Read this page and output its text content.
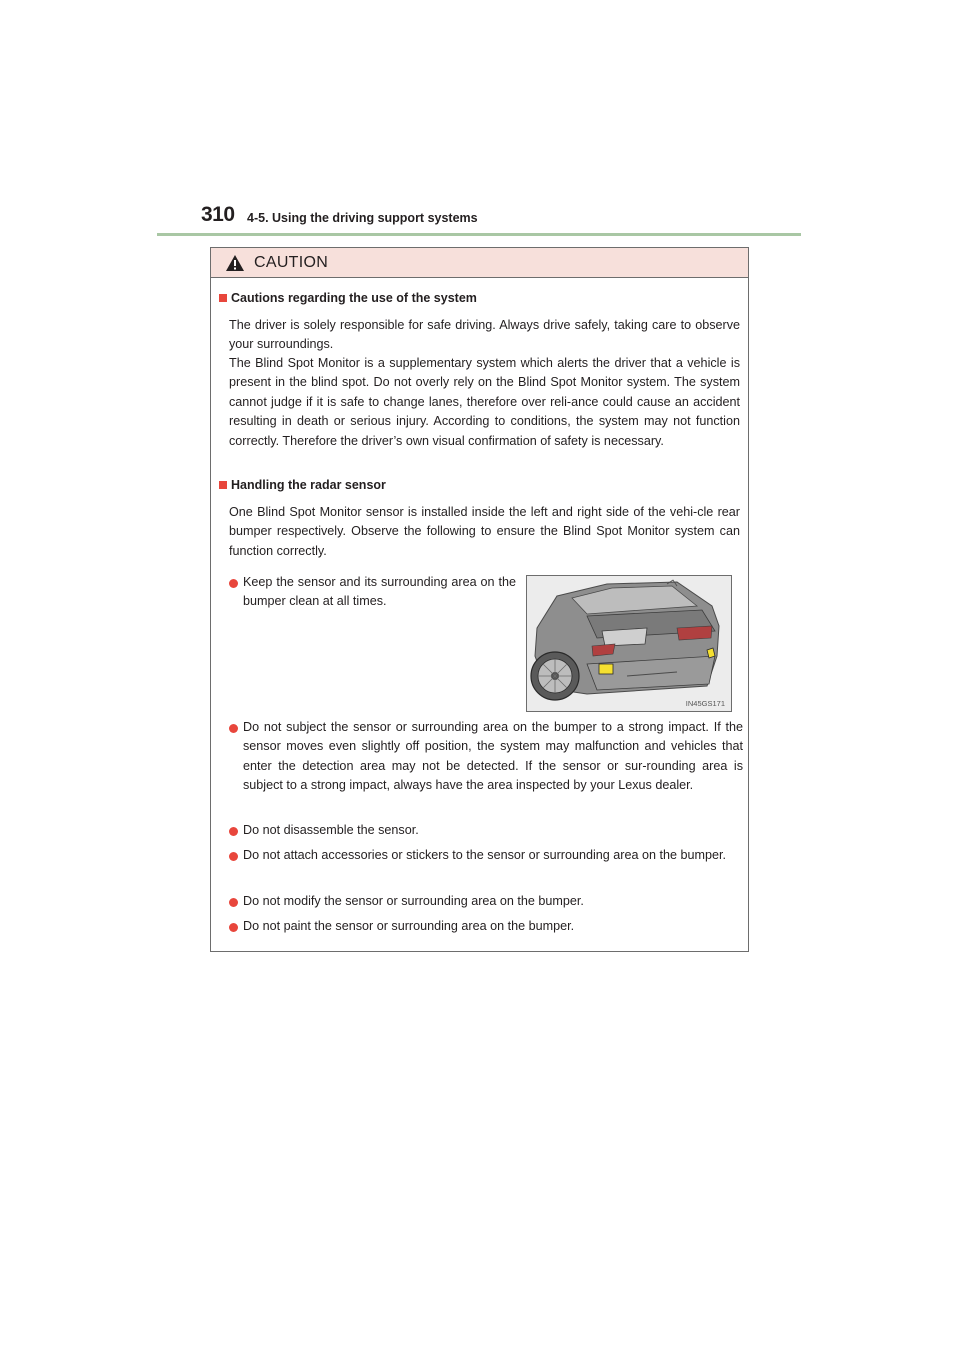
310 4-5. Using the driving support systems
CAUTION
Cautions regarding the use of the system
The driver is solely responsible for safe driving. Always drive safely, taking care to observe your surroundings.
The Blind Spot Monitor is a supplementary system which alerts the driver that a vehicle is present in the blind spot. Do not overly rely on the Blind Spot Monitor system. The system cannot judge if it is safe to change lanes, therefore over reli-ance could cause an accident resulting in death or serious injury. According to conditions, the system may not function correctly. Therefore the driver’s own visual confirmation of safety is necessary.
Handling the radar sensor
One Blind Spot Monitor sensor is installed inside the left and right side of the vehi-cle rear bumper respectively. Observe the following to ensure the Blind Spot Monitor system can function correctly.
Keep the sensor and its surrounding area on the bumper clean at all times.
IN45GS171
Do not subject the sensor or surrounding area on the bumper to a strong impact. If the sensor moves even slightly off position, the system may malfunction and vehicles that enter the detection area may not be detected. If the sensor or sur-rounding area is subject to a strong impact, always have the area inspected by your Lexus dealer.
Do not disassemble the sensor.
Do not attach accessories or stickers to the sensor or surrounding area on the bumper.
Do not modify the sensor or surrounding area on the bumper.
Do not paint the sensor or surrounding area on the bumper.
